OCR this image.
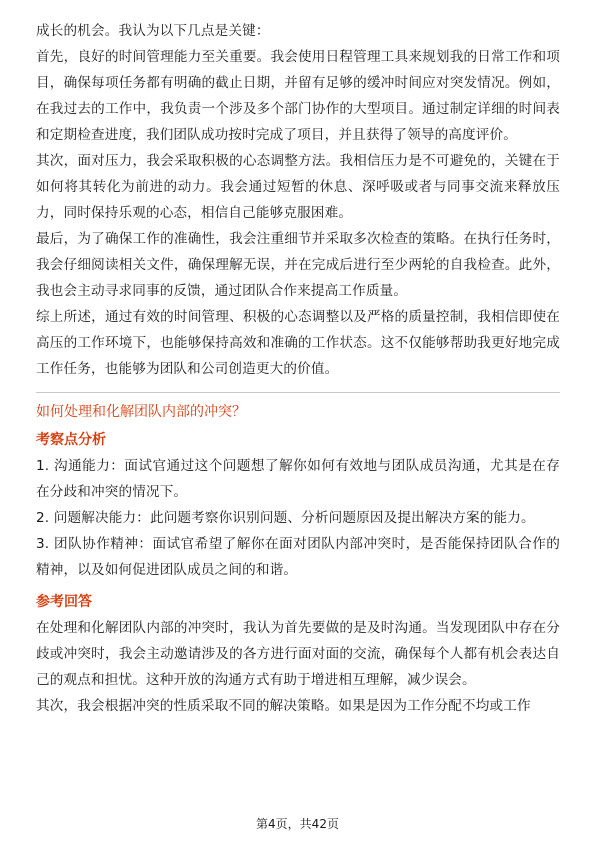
成长的机会。我认为以下几点是关键：

首先，良好的时间管理能力至关重要。我会使用日程管理工具来规划我的日常工作和项目，确保每项任务都有明确的截止日期，并留有足够的缓冲时间应对突发情况。例如，在我过去的工作中，我负责一个涉及多个部门协作的大型项目。通过制定详细的时间表和定期检查进度，我们团队成功按时完成了项目，并且获得了领导的高度评价。

其次，面对压力，我会采取积极的心态调整方法。我相信压力是不可避免的，关键在于如何将其转化为前进的动力。我会通过短暂的休息、深呼吸或者与同事交流来释放压力，同时保持乐观的心态，相信自己能够克服困难。

最后，为了确保工作的准确性，我会注重细节并采取多次检查的策略。在执行任务时，我会仔细阅读相关文件，确保理解无误，并在完成后进行至少两轮的自我检查。此外，我也会主动寻求同事的反馈，通过团队合作来提高工作质量。

综上所述，通过有效的时间管理、积极的心态调整以及严格的质量控制，我相信即使在高压的工作环境下，也能够保持高效和准确的工作状态。这不仅能够帮助我更好地完成工作任务，也能够为团队和公司创造更大的价值。

如何处理和化解团队内部的冲突？

考察点分析

1. 沟通能力：面试官通过这个问题想了解你如何有效地与团队成员沟通，尤其是在存在分歧和冲突的情况下。

2. 问题解决能力：此问题考察你识别问题、分析问题原因及提出解决方案的能力。

3. 团队协作精神：面试官希望了解你在面对团队内部冲突时，是否能保持团队合作的精神，以及如何促进团队成员之间的和谐。

参考回答

在处理和化解团队内部的冲突时，我认为首先要做的是及时沟通。当发现团队中存在分歧或冲突时，我会主动邀请涉及的各方进行面对面的交流，确保每个人都有机会表达自己的观点和担忧。这种开放的沟通方式有助于增进相互理解，减少误会。

其次，我会根据冲突的性质采取不同的解决策略。如果是因为工作分配不均或工作

第4页，共42页
